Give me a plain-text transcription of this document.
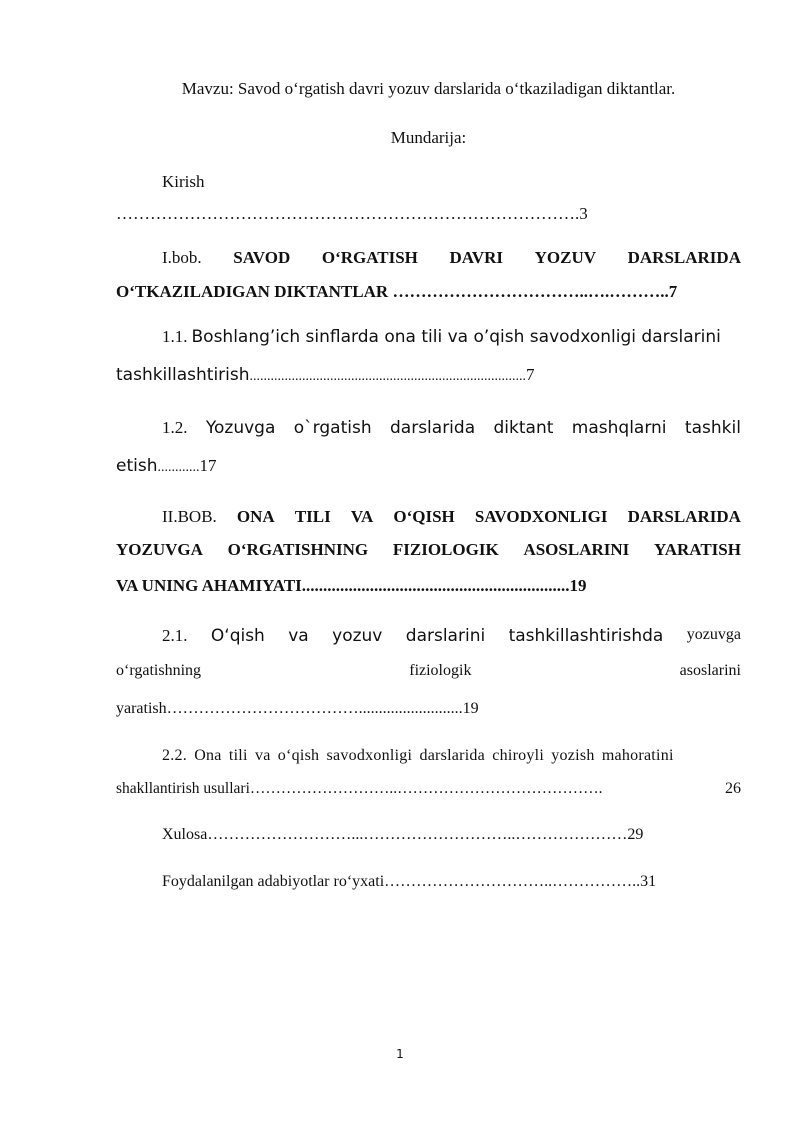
Mavzu: Savod o‘rgatish davri yozuv darslarida o‘tkaziladigan diktantlar.
Mundarija:
Kirish
……………………………………………………………………….3
I.bob. SAVOD O‘RGATISH DAVRI YOZUV DARSLARIDA
O‘TKAZILADIGAN DIKTANTLAR ……………………………..….………..7
1.1. Boshlang’ich sinflarda ona tili va o’qish savodxonligi darslarini
tashkillashtirish...............................................................................7
1.2. Yozuvga o`rgatish darslarida diktant mashqlarni tashkil
etish............17
II.BOB. ONA TILI VA O‘QISH SAVODXONLIGI DARSLARIDA
YOZUVGA O‘RGATISHNING FIZIOLOGIK ASOSLARINI YARATISH
VA UNING AHAMIYATI...............................................................19
2.1. O‘qish va yozuv darslarini tashkillashtirishda yozuvga
o‘rgatishning	fiziologik	asoslarini
yaratish………………………………..........................19
2.2. Ona tili va o‘qish savodxonligi darslarida chiroyli yozish mahoratini
shakllantirish usullari………………………..………………………………….	26
Xulosa………………………...………………………..…………………29
Foydalanilgan adabiyotlar ro‘yxati…………………………..……………..31
1
